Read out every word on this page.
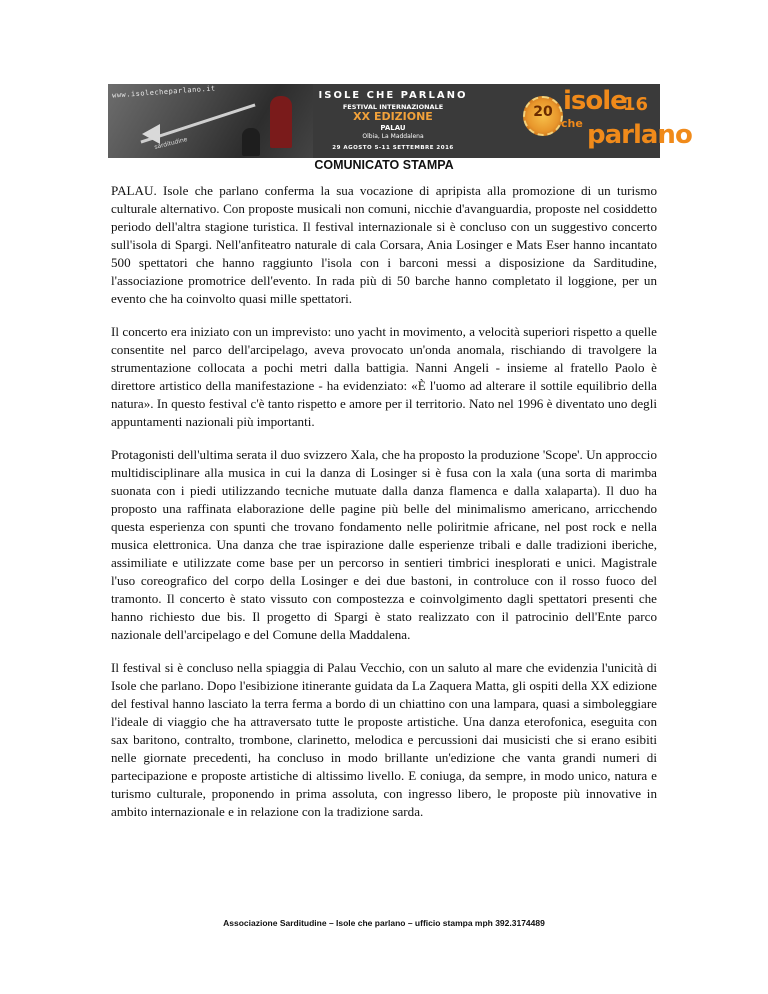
www.isolecheparlano.it
sarditudine
ISOLE CHE PARLANO
FESTIVAL INTERNAZIONALE
XX EDIZIONE
PALAU
Olbia, La Maddalena
29 AGOSTO 5-11 SETTEMBRE 2016
20 isole
16
che parlano
COMUNICATO STAMPA

PALAU. Isole che parlano conferma la sua vocazione di apripista alla promozione di un turismo culturale alternativo. Con proposte musicali non comuni, nicchie d'avanguardia, proposte nel cosiddetto periodo dell'altra stagione turistica. Il festival internazionale si è concluso con un suggestivo concerto sull'isola di Spargi. Nell'anfiteatro naturale di cala Corsara, Ania Losinger e Mats Eser hanno incantato 500 spettatori che hanno raggiunto l'isola con i barconi messi a disposizione da Sarditudine, l'associazione promotrice dell'evento. In rada più di 50 barche hanno completato il loggione, per un evento che ha coinvolto quasi mille spettatori.

Il concerto era iniziato con un imprevisto: uno yacht in movimento, a velocità superiori rispetto a quelle consentite nel parco dell'arcipelago, aveva provocato un'onda anomala, rischiando di travolgere la strumentazione collocata a pochi metri dalla battigia. Nanni Angeli - insieme al fratello Paolo è direttore artistico della manifestazione - ha evidenziato: «È l'uomo ad alterare il sottile equilibrio della natura». In questo festival c'è tanto rispetto e amore per il territorio. Nato nel 1996 è diventato uno degli appuntamenti nazionali più importanti.

Protagonisti dell'ultima serata il duo svizzero Xala, che ha proposto la produzione 'Scope'. Un approccio multidisciplinare alla musica in cui la danza di Losinger si è fusa con la xala (una sorta di marimba suonata con i piedi utilizzando tecniche mutuate dalla danza flamenca e dalla xalaparta). Il duo ha proposto una raffinata elaborazione delle pagine più belle del minimalismo americano, arricchendo questa esperienza con spunti che trovano fondamento nelle poliritmie africane, nel post rock e nella musica elettronica. Una danza che trae ispirazione dalle esperienze tribali e dalle tradizioni iberiche, assimiliate e utilizzate come base per un percorso in sentieri timbrici inesplorati e unici. Magistrale l'uso coreografico del corpo della Losinger e dei due bastoni, in controluce con il rosso fuoco del tramonto. Il concerto è stato vissuto con compostezza e coinvolgimento dagli spettatori presenti che hanno richiesto due bis. Il progetto di Spargi è stato realizzato con il patrocinio dell'Ente parco nazionale dell'arcipelago e del Comune della Maddalena.

Il festival si è concluso nella spiaggia di Palau Vecchio, con un saluto al mare che evidenzia l'unicità di Isole che parlano. Dopo l'esibizione itinerante guidata da La Zaquera Matta, gli ospiti della XX edizione del festival hanno lasciato la terra ferma a bordo di un chiattino con una lampara, quasi a simboleggiare l'ideale di viaggio che ha attraversato tutte le proposte artistiche. Una danza eterofonica, eseguita con sax baritono, contralto, trombone, clarinetto, melodica e percussioni dai musicisti che si erano esibiti nelle giornate precedenti, ha concluso in modo brillante un'edizione che vanta grandi numeri di partecipazione e proposte artistiche di altissimo livello. E coniuga, da sempre, in modo unico, natura e turismo culturale, proponendo in prima assoluta, con ingresso libero, le proposte più innovative in ambito internazionale e in relazione con la tradizione sarda.

Associazione Sarditudine – Isole che parlano – ufficio stampa mph 392.3174489
